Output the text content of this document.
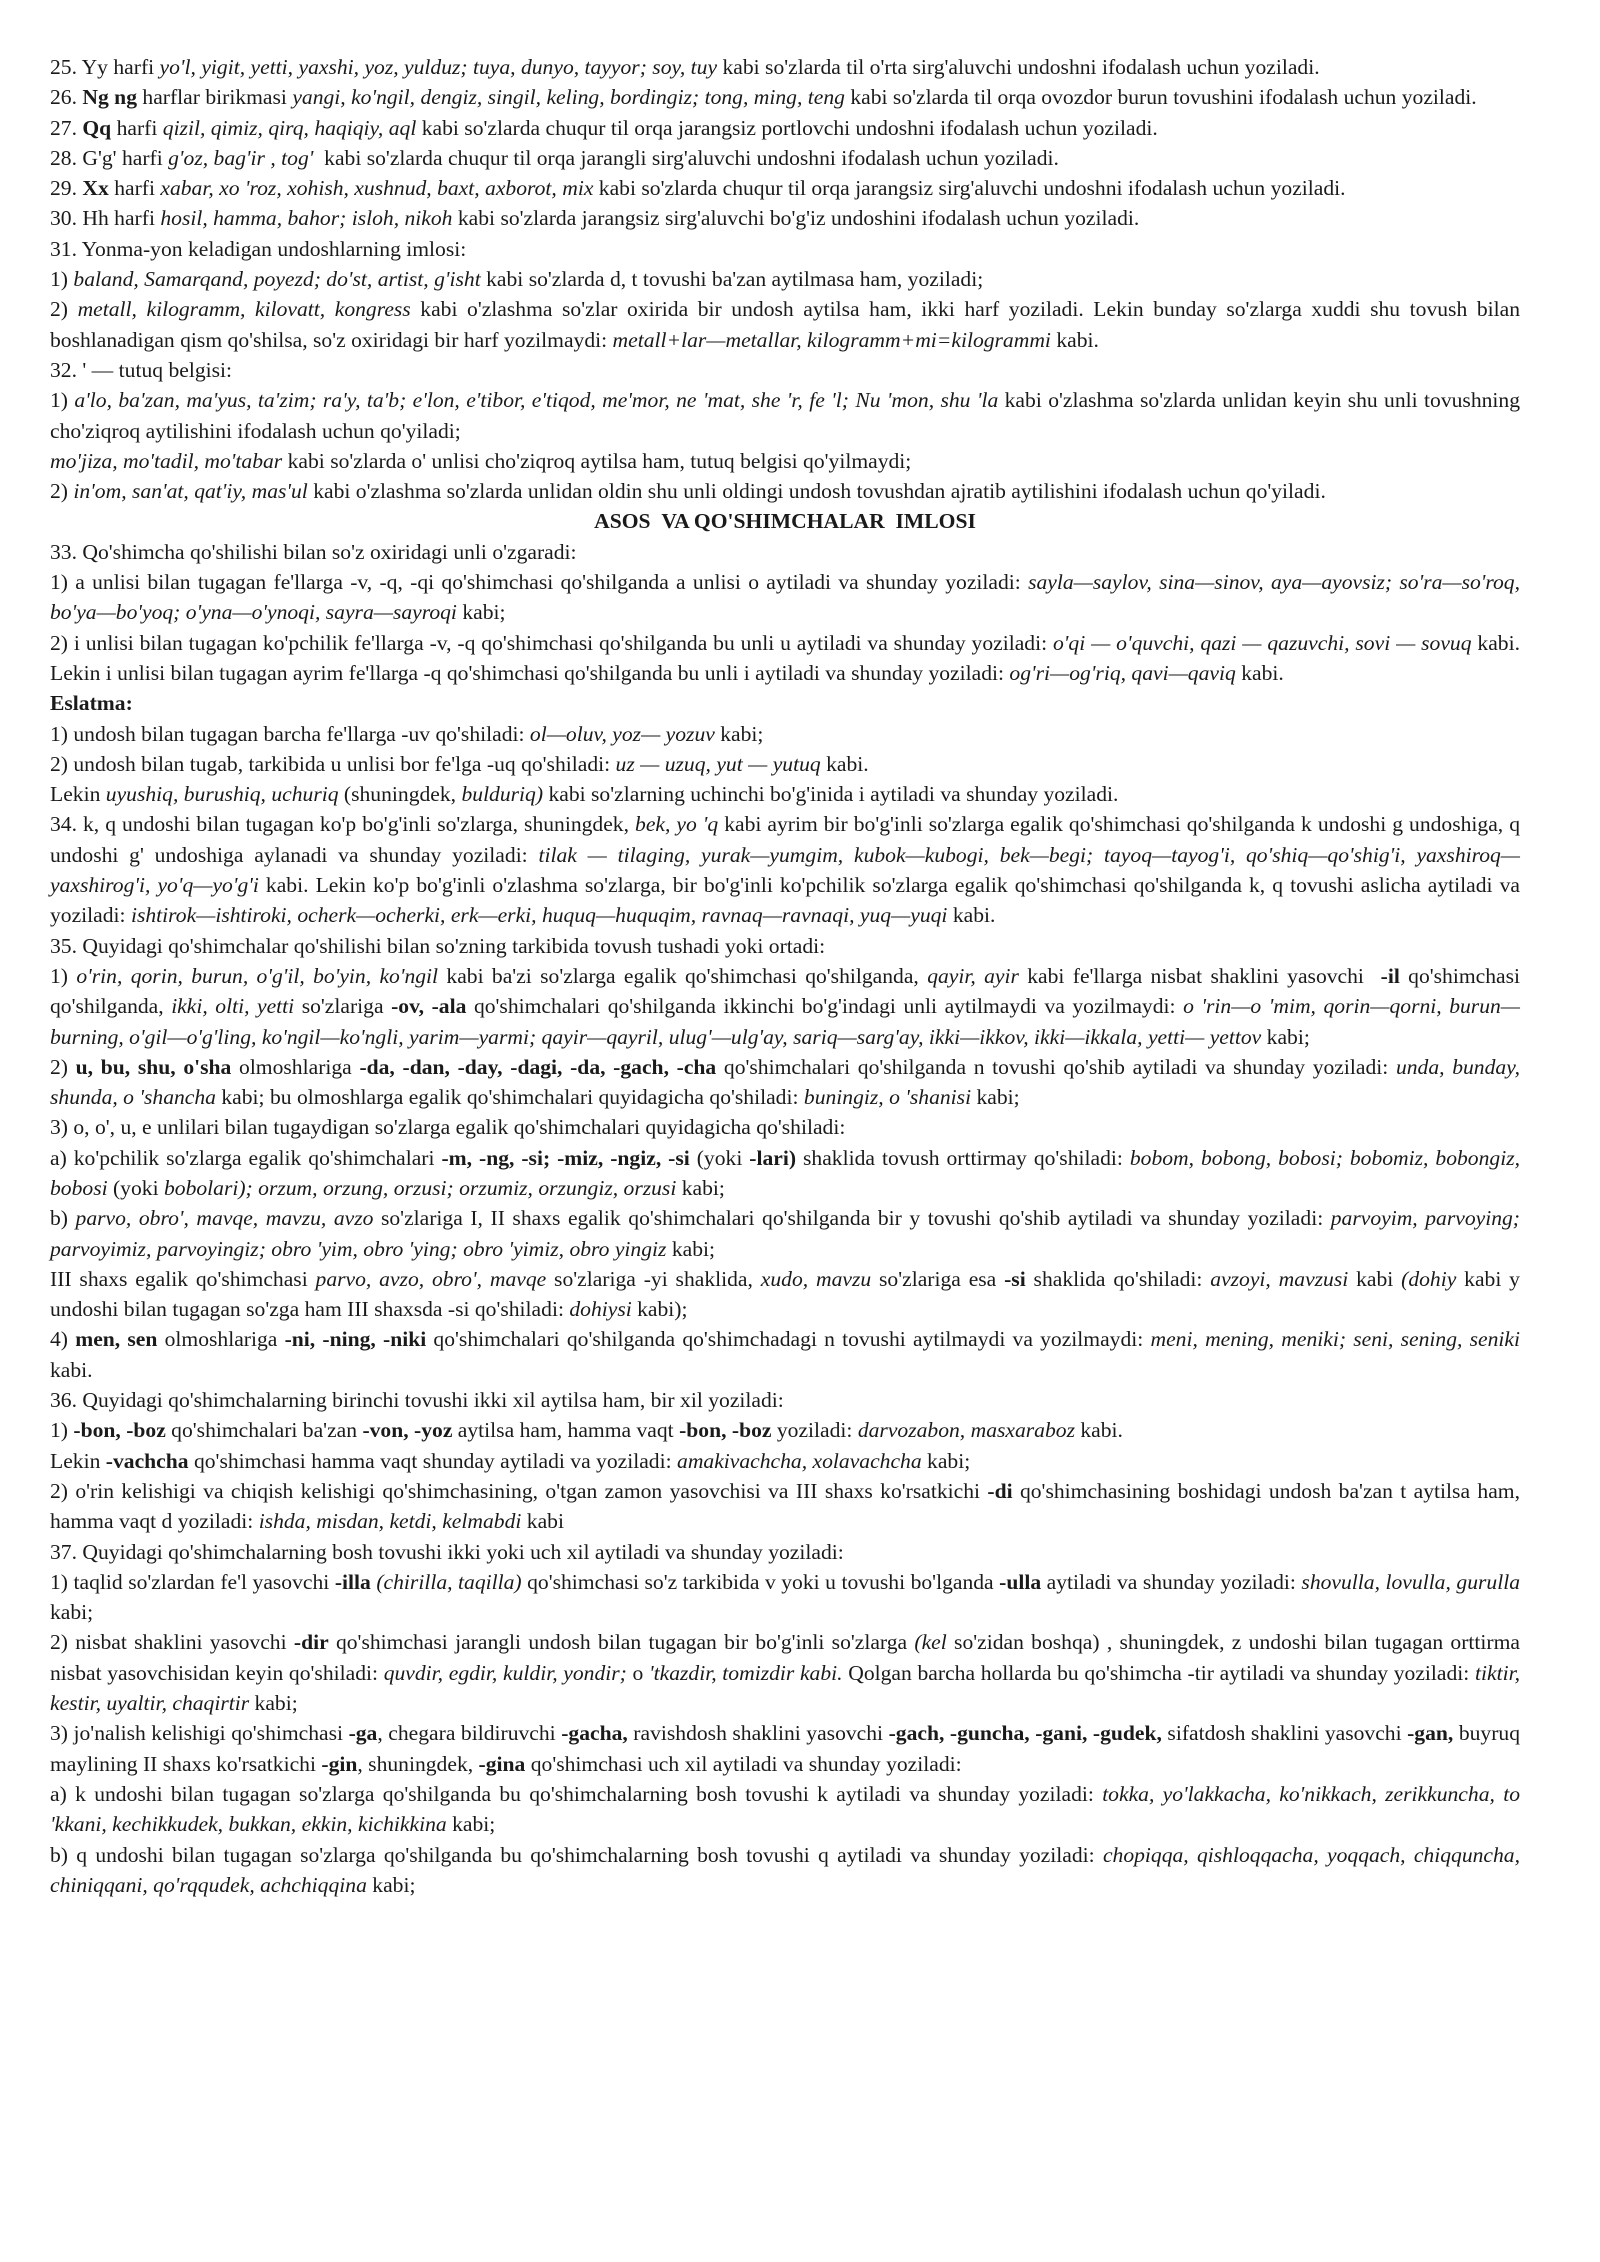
25. Yy harfi yo'l, yigit, yetti, yaxshi, yoz, yulduz; tuya, dunyo, tayyor; soy, tuy kabi so'zlarda til o'rta sirg'aluvchi undoshni ifodalash uchun yoziladi.

26. Ng ng harflar birikmasi yangi, ko'ngil, dengiz, singil, keling, bordingiz; tong, ming, teng kabi so'zlarda til orqa ovozdor burun tovushini ifodalash uchun yoziladi.

27. Qq harfi qizil, qimiz, qirq, haqiqiy, aql kabi so'zlarda chuqur til orqa jarangsiz portlovchi undoshni ifodalash uchun yoziladi.

28. G'g' harfi g'oz, bag'ir , tog'  kabi so'zlarda chuqur til orqa jarangli sirg'aluvchi undoshni ifodalash uchun yoziladi.

29. Xx harfi xabar, xo 'roz, xohish, xushnud, baxt, axborot, mix kabi so'zlarda chuqur til orqa jarangsiz sirg'aluvchi undoshni ifodalash uchun yoziladi.

30. Hh harfi hosil, hamma, bahor; isloh, nikoh kabi so'zlarda jarangsiz sirg'aluvchi bo'g'iz undoshini ifodalash uchun yoziladi.

31. Yonma-yon keladigan undoshlarning imlosi:

1) baland, Samarqand, poyezd; do'st, artist, g'isht kabi so'zlarda d, t tovushi ba'zan aytilmasa ham, yoziladi;

2) metall, kilogramm, kilovatt, kongress kabi o'zlashma so'zlar oxirida bir undosh aytilsa ham, ikki harf yoziladi. Lekin bunday so'zlarga xuddi shu tovush bilan boshlanadigan qism qo'shilsa, so'z oxiridagi bir harf yozilmaydi: metall+lar—metallar, kilogramm+mi=kilogrammi kabi.

32. ' — tutuq belgisi:

1) a'lo, ba'zan, ma'yus, ta'zim; ra'y, ta'b; e'lon, e'tibor, e'tiqod, me'mor, ne 'mat, she 'r, fe 'l; Nu 'mon, shu 'la kabi o'zlashma so'zlarda unlidan keyin shu unli tovushning cho'ziqroq aytilishini ifodalash uchun qo'yiladi;

mo'jiza, mo'tadil, mo'tabar kabi so'zlarda o' unlisi cho'ziqroq aytilsa ham, tutuq belgisi qo'yilmaydi;

2) in'om, san'at, qat'iy, mas'ul kabi o'zlashma so'zlarda unlidan oldin shu unli oldingi undosh tovushdan ajratib aytilishini ifodalash uchun qo'yiladi.

ASOS  VA QO'SHIMCHALAR  IMLOSI

33. Qo'shimcha qo'shilishi bilan so'z oxiridagi unli o'zgaradi:

1) a unlisi bilan tugagan fe'llarga -v, -q, -qi qo'shimchasi qo'shilganda a unlisi o aytiladi va shunday yoziladi: sayla—saylov, sina—sinov, aya—ayovsiz; so'ra—so'roq, bo'ya—bo'yoq; o'yna—o'ynoqi, sayra—sayroqi kabi;

2) i unlisi bilan tugagan ko'pchilik fe'llarga -v, -q qo'shimchasi qo'shilganda bu unli u aytiladi va shunday yoziladi: o'qi — o'quvchi, qazi — qazuvchi, sovi — sovuq kabi. Lekin i unlisi bilan tugagan ayrim fe'llarga -q qo'shimchasi qo'shilganda bu unli i aytiladi va shunday yoziladi: og'ri—og'riq, qavi—qaviq kabi.

Eslatma:

1) undosh bilan tugagan barcha fe'llarga -uv qo'shiladi: ol—oluv, yoz— yozuv kabi;

2) undosh bilan tugab, tarkibida u unlisi bor fe'lga -uq qo'shiladi: uz — uzuq, yut — yutuq kabi.

Lekin uyushiq, burushiq, uchuriq (shuningdek, bulduriq) kabi so'zlarning uchinchi bo'g'inida i aytiladi va shunday yoziladi.

34. k, q undoshi bilan tugagan ko'p bo'g'inli so'zlarga, shuningdek, bek, yo 'q kabi ayrim bir bo'g'inli so'zlarga egalik qo'shimchasi qo'shilganda k undoshi g undoshiga, q undoshi g' undoshiga aylanadi va shunday yoziladi: tilak — tilaging, yurak—yumgim, kubok—kubogi, bek—begi; tayoq—tayog'i, qo'shiq—qo'shig'i, yaxshiroq—yaxshirog'i, yo'q—yo'g'i kabi. Lekin ko'p bo'g'inli o'zlashma so'zlarga, bir bo'g'inli ko'pchilik so'zlarga egalik qo'shimchasi qo'shilganda k, q tovushi aslicha aytiladi va yoziladi: ishtirok—ishtiroki, ocherk—ocherki, erk—erki, huquq—huquqim, ravnaq—ravnaqi, yuq—yuqi kabi.

35. Quyidagi qo'shimchalar qo'shilishi bilan so'zning tarkibida tovush tushadi yoki ortadi:

1) o'rin, qorin, burun, o'g'il, bo'yin, ko'ngil kabi ba'zi so'zlarga egalik qo'shimchasi qo'shilganda, qayir, ayir kabi fe'llarga nisbat shaklini yasovchi  -il qo'shimchasi qo'shilganda, ikki, olti, yetti so'zlariga -ov, -ala qo'shimchalari qo'shilganda ikkinchi bo'g'indagi unli aytilmaydi va yozilmaydi: o 'rin—o 'mim, qorin—qorni, burun—burning, o'gil—o'g'ling, ko'ngil—ko'ngli, yarim—yarmi; qayir—qayril, ulug'—ulg'ay, sariq—sarg'ay, ikki—ikkov, ikki—ikkala, yetti— yettov kabi;

2) u, bu, shu, o'sha olmoshlariga -da, -dan, -day, -dagi, -da, -gach, -cha qo'shimchalari qo'shilganda n tovushi qo'shib aytiladi va shunday yoziladi: unda, bunday, shunda, o 'shancha kabi; bu olmoshlarga egalik qo'shimchalari quyidagicha qo'shiladi: buningiz, o 'shanisi kabi;

3) o, o', u, e unlilari bilan tugaydigan so'zlarga egalik qo'shimchalari quyidagicha qo'shiladi:

a) ko'pchilik so'zlarga egalik qo'shimchalari -m, -ng, -si; -miz, -ngiz, -si (yoki -lari) shaklida tovush orttirmay qo'shiladi: bobom, bobong, bobosi; bobomiz, bobongiz, bobosi (yoki bobolari); orzum, orzung, orzusi; orzumiz, orzungiz, orzusi kabi;

b) parvo, obro', mavqe, mavzu, avzo so'zlariga I, II shaxs egalik qo'shimchalari qo'shilganda bir y tovushi qo'shib aytiladi va shunday yoziladi: parvoyim, parvoying; parvoyimiz, parvoyingiz; obro 'yim, obro 'ying; obro 'yimiz, obro yingiz kabi;

III shaxs egalik qo'shimchasi parvo, avzo, obro', mavqe so'zlariga -yi shaklida, xudo, mavzu so'zlariga esa -si shaklida qo'shiladi: avzoyi, mavzusi kabi (dohiy kabi y undoshi bilan tugagan so'zga ham III shaxsda -si qo'shiladi: dohiysi kabi);

4) men, sen olmoshlariga -ni, -ning, -niki qo'shimchalari qo'shilganda qo'shimchadagi n tovushi aytilmaydi va yozilmaydi: meni, mening, meniki; seni, sening, seniki kabi.

36. Quyidagi qo'shimchalarning birinchi tovushi ikki xil aytilsa ham, bir xil yoziladi:

1) -bon, -boz qo'shimchalari ba'zan -von, -yoz aytilsa ham, hamma vaqt -bon, -boz yoziladi: darvozabon, masxaraboz kabi.

Lekin -vachcha qo'shimchasi hamma vaqt shunday aytiladi va yoziladi: amakivachcha, xolavachcha kabi;

2) o'rin kelishigi va chiqish kelishigi qo'shimchasining, o'tgan zamon yasovchisi va III shaxs ko'rsatkichi -di qo'shimchasining boshidagi undosh ba'zan t aytilsa ham, hamma vaqt d yoziladi: ishda, misdan, ketdi, kelmabdi kabi

37. Quyidagi qo'shimchalarning bosh tovushi ikki yoki uch xil aytiladi va shunday yoziladi:

1) taqlid so'zlardan fe'l yasovchi -illa (chirilla, taqilla) qo'shimchasi so'z tarkibida v yoki u tovushi bo'lganda -ulla aytiladi va shunday yoziladi: shovulla, lovulla, gurulla kabi;

2) nisbat shaklini yasovchi -dir qo'shimchasi jarangli undosh bilan tugagan bir bo'g'inli so'zlarga (kel so'zidan boshqa) , shuningdek, z undoshi bilan tugagan orttirma nisbat yasovchisidan keyin qo'shiladi: quvdir, egdir, kuldir, yondir; o 'tkazdir, tomizdir kabi. Qolgan barcha hollarda bu qo'shimcha -tir aytiladi va shunday yoziladi: tiktir, kestir, uyaltir, chaqirtir kabi;

3) jo'nalish kelishigi qo'shimchasi -ga, chegara bildiruvchi -gacha, ravishdosh shaklini yasovchi -gach, -guncha, -gani, -gudek, sifatdosh shaklini yasovchi -gan, buyruq maylining II shaxs ko'rsatkichi -gin, shuningdek, -gina qo'shimchasi uch xil aytiladi va shunday yoziladi:

a) k undoshi bilan tugagan so'zlarga qo'shilganda bu qo'shimchalarning bosh tovushi k aytiladi va shunday yoziladi: tokka, yo'lakkacha, ko'nikkach, zerikkuncha, to 'kkani, kechikkudek, bukkan, ekkin, kichikkina kabi;

b) q undoshi bilan tugagan so'zlarga qo'shilganda bu qo'shimchalarning bosh tovushi q aytiladi va shunday yoziladi: chopiqqa, qishloqqacha, yoqqach, chiqquncha, chiniqqani, qo'rqqudek, achchiqqina kabi;
